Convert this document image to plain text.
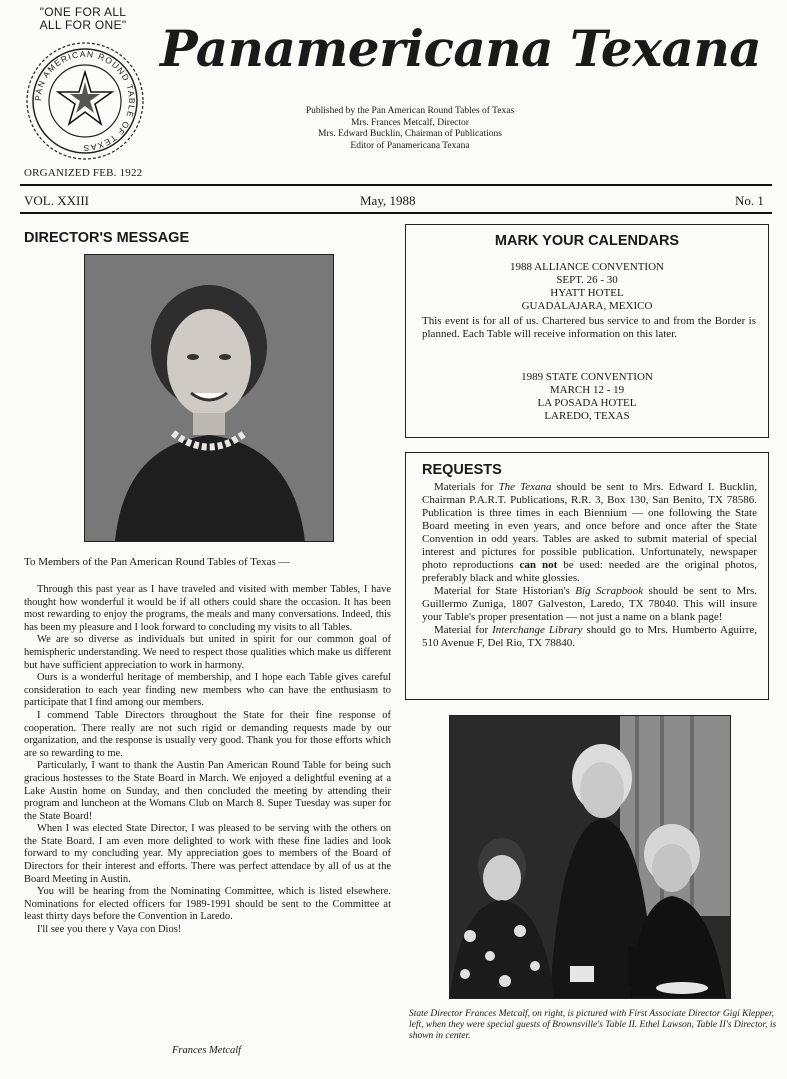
"ONE FOR ALL ALL FOR ONE"
PAN AMERICAN ROUND TABLE OF TEXAS
ORGANIZED FEB. 1922
Panamericana Texana
Published by the Pan American Round Tables of Texas
Mrs. Frances Metcalf, Director
Mrs. Edward Bucklin, Chairman of Publications
Editor of Panamericana Texana
VOL. XXIII	May, 1988	No. 1
DIRECTOR'S MESSAGE
To Members of the Pan American Round Tables of Texas —

Through this past year as I have traveled and visited with member Tables, I have thought how wonderful it would be if all others could share the occasion. It has been most rewarding to enjoy the programs, the meals and many conversations. Indeed, this has been my pleasure and I look forward to concluding my visits to all Tables.

We are so diverse as individuals but united in spirit for our common goal of hemispheric understanding. We need to respect those qualities which make us different but have sufficient appreciation to work in harmony.

Ours is a wonderful heritage of membership, and I hope each Table gives careful consideration to each year finding new members who can have the enthusiasm to participate that I find among our members.

I commend Table Directors throughout the State for their fine response of cooperation. There really are not such rigid or demanding requests made by our organization, and the response is usually very good. Thank you for those efforts which are so rewarding to me.

Particularly, I want to thank the Austin Pan American Round Table for being such gracious hostesses to the State Board in March. We enjoyed a delightful evening at a Lake Austin home on Sunday, and then concluded the meeting by attending their program and luncheon at the Womans Club on March 8. Super Tuesday was super for the State Board!

When I was elected State Director, I was pleased to be serving with the others on the State Board. I am even more delighted to work with these fine ladies and look forward to my concluding year. My appreciation goes to members of the Board of Directors for their interest and efforts. There was perfect attendace by all of us at the Board Meeting in Austin.

You will be hearing from the Nominating Committee, which is listed elsewhere. Nominations for elected officers for 1989-1991 should be sent to the Committee at least thirty days before the Convention in Laredo.

I'll see you there y Vaya con Dios!

Frances Metcalf
MARK YOUR CALENDARS
1988 ALLIANCE CONVENTION
SEPT. 26 - 30
HYATT HOTEL
GUADALAJARA, MEXICO
This event is for all of us. Chartered bus service to and from the Border is planned. Each Table will receive information on this later.
1989 STATE CONVENTION
MARCH 12 - 19
LA POSADA HOTEL
LAREDO, TEXAS
REQUESTS

Materials for The Texana should be sent to Mrs. Edward I. Bucklin, Chairman P.A.R.T. Publications, R.R. 3, Box 130, San Benito, TX 78586. Publication is three times in each Biennium — one following the State Board meeting in even years, and once before and once after the State Convention in odd years. Tables are asked to submit material of special interest and pictures for possible publication. Unfortunately, newspaper photo reproductions can not be used: needed are the original photos, preferably black and white glossies.

Material for State Historian's Big Scrapbook should be sent to Mrs. Guillermo Zuniga, 1807 Galveston, Laredo, TX 78040. This will insure your Table's proper presentation — not just a name on a blank page!

Material for Interchange Library should go to Mrs. Humberto Aguirre, 510 Avenue F, Del Rio, TX 78840.

State Director Frances Metcalf, on right, is pictured with First Associate Director Gigi Klepper, left, when they were special guests of Brownsville's Table II. Ethel Lawson, Table II's Director, is shown in center.
